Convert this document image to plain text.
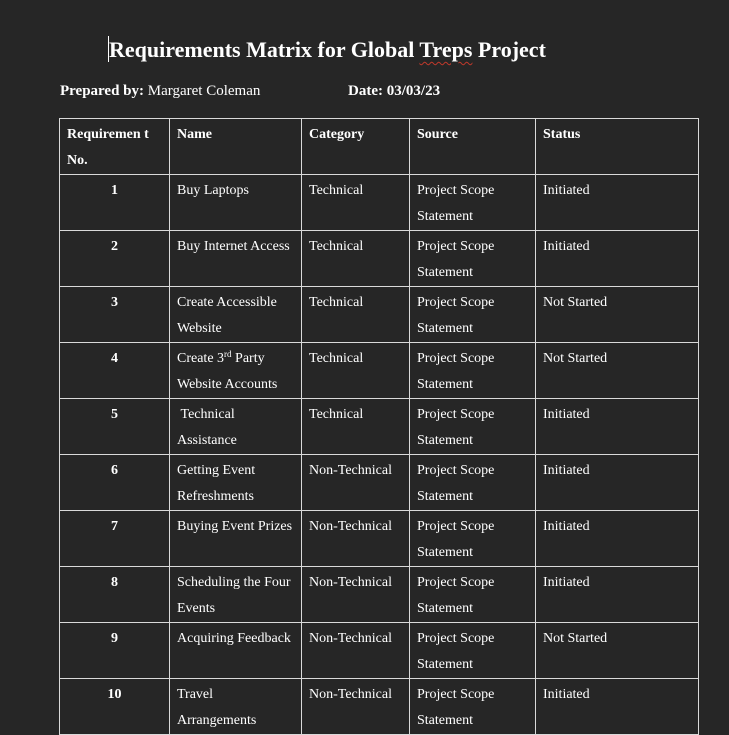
Requirements Matrix for Global Treps Project
Prepared by: Margaret Coleman	Date: 03/03/23
Requiremen t No.	Name	Category	Source	Status
1	Buy Laptops	Technical	Project Scope Statement	Initiated
2	Buy Internet Access	Technical	Project Scope Statement	Initiated
3	Create Accessible Website	Technical	Project Scope Statement	Not Started
4	Create 3rd Party Website Accounts	Technical	Project Scope Statement	Not Started
5	Technical Assistance	Technical	Project Scope Statement	Initiated
6	Getting Event Refreshments	Non-Technical	Project Scope Statement	Initiated
7	Buying Event Prizes	Non-Technical	Project Scope Statement	Initiated
8	Scheduling the Four Events	Non-Technical	Project Scope Statement	Initiated
9	Acquiring Feedback	Non-Technical	Project Scope Statement	Not Started
10	Travel Arrangements	Non-Technical	Project Scope Statement	Initiated
